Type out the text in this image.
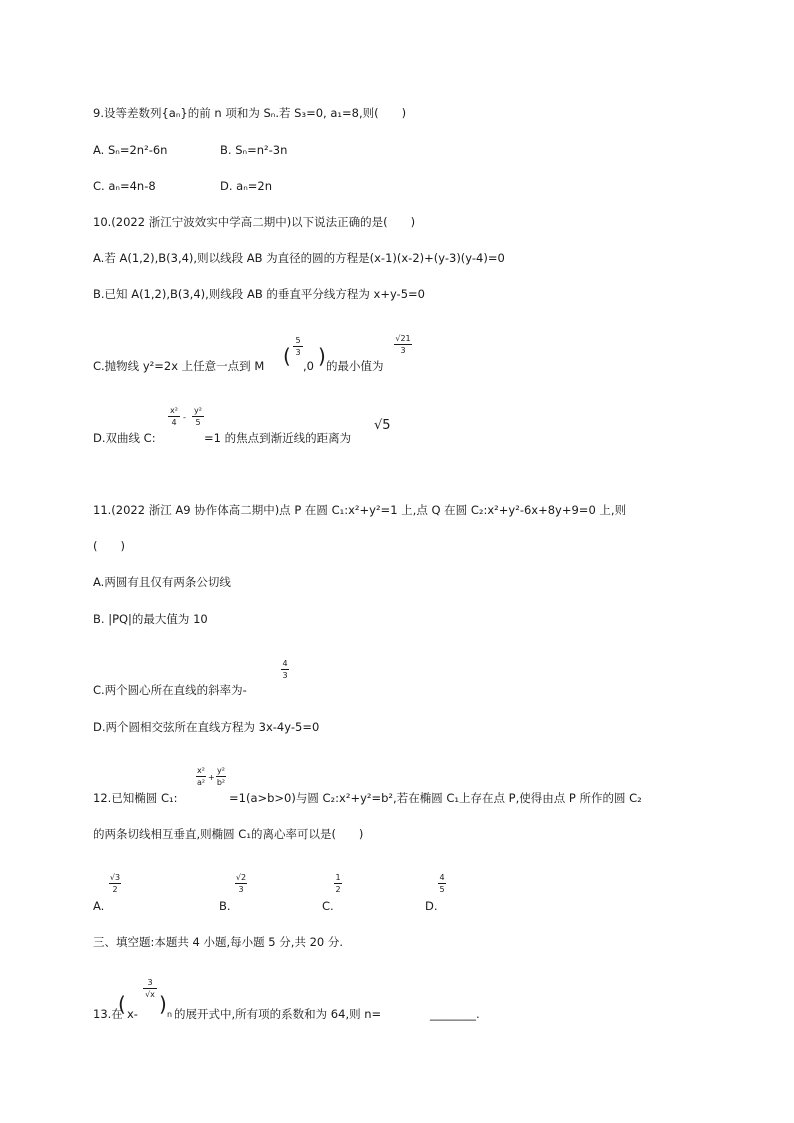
9.设等差数列{aₙ}的前 n 项和为 Sₙ.若 S₃=0, a₁=8,则(　　)
A. Sₙ=2n²-6n	B. Sₙ=n²-3n
C. aₙ=4n-8	D. aₙ=2n
10.(2022 浙江宁波效实中学高二期中)以下说法正确的是(　　)
A.若 A(1,2),B(3,4),则以线段 AB 为直径的圆的方程是(x-1)(x-2)+(y-3)(y-4)=0
B.已知 A(1,2),B(3,4),则线段 AB 的垂直平分线方程为 x+y-5=0
C.抛物线 y²=2x 上任意一点到 M (
5
3
,0 ) 的最小值为
√21
3
D.双曲线 C:
x²
4
-
y²
5
=1 的焦点到渐近线的距离为
√5
11.(2022 浙江 A9 协作体高二期中)点 P 在圆 C₁:x²+y²=1 上,点 Q 在圆 C₂:x²+y²-6x+8y+9=0 上,则
(　　)
A.两圆有且仅有两条公切线
B. |PQ|的最大值为 10
C.两个圆心所在直线的斜率为-
4
3
D.两个圆相交弦所在直线方程为 3x-4y-5=0
12.已知椭圆 C₁:
x²
a²
+
y²
b²
=1(a>b>0)与圆 C₂:x²+y²=b²,若在椭圆 C₁上存在点 P,使得由点 P 所作的圆 C₂
的两条切线相互垂直,则椭圆 C₁的离心率可以是(　　)
A.
√3
2
B.
√2
3
C.
1
2
D.
4
5
三、填空题:本题共 4 小题,每小题 5 分,共 20 分.
13.在
( x-
3
√x ) n 的展开式中,所有项的系数和为 64,则 n=	________.
